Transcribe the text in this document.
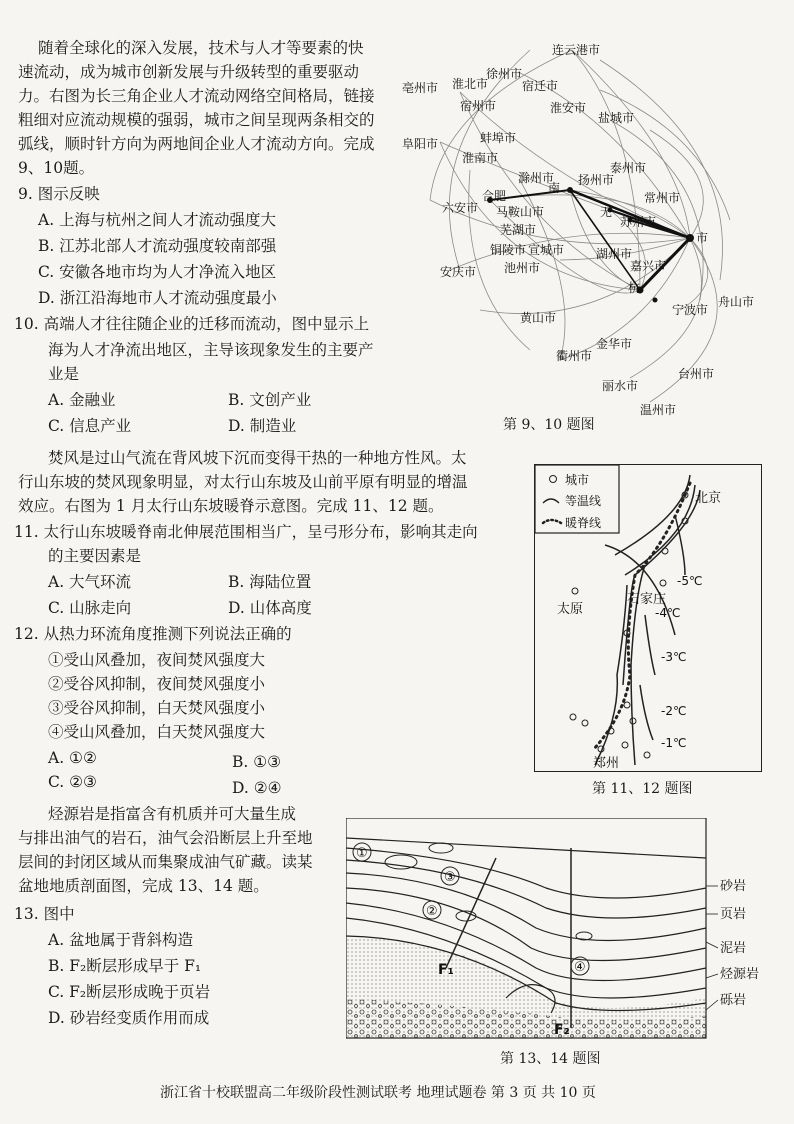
随着全球化的深入发展，技术与人才等要素的快
速流动，成为城市创新发展与升级转型的重要驱动
力。右图为长三角企业人才流动网络空间格局，链接
粗细对应流动规模的强弱，城市之间呈现两条相交的
弧线，顺时针方向为两地间企业人才流动方向。完成
9、10题。
9. 图示反映
A. 上海与杭州之间人才流动强度大
B. 江苏北部人才流动强度较南部强
C. 安徽各地市均为人才净流入地区
D. 浙江沿海地市人才流动强度最小
10. 高端人才往往随企业的迁移而流动，图中显示上
海为人才净流出地区，主导该现象发生的主要产
业是
A. 金融业	B. 文创产业
C. 信息产业	D. 制造业
连云港市
徐州市
淮北市	宿迁市
亳州市
宿州市	淮安市
盐城市
阜阳市	蚌埠市
淮南市
泰州市
六安市
合肥
南
滁州市 扬州市
马鞍山市
常州市
芜湖市
无
苏州市
市
铜陵市 宣城市	湖州市
安庆市 池州市
杭
嘉兴市
黄山市
舟山市
宁波市
衢州市
金华市
台州市
丽水市
温州市
第 9、10 题图
焚风是过山气流在背风坡下沉而变得干热的一种地方性风。太
行山东坡的焚风现象明显，对太行山东坡及山前平原有明显的增温
效应。右图为 1 月太行山东坡暖脊示意图。完成 11、12 题。
11. 太行山东坡暖脊南北伸展范围相当广，呈弓形分布，影响其走向
的主要因素是
A. 大气环流	B. 海陆位置
C. 山脉走向	D. 山体高度
12. 从热力环流角度推测下列说法正确的
①受山风叠加，夜间焚风强度大
②受谷风抑制，夜间焚风强度小
③受谷风抑制，白天焚风强度小
④受山风叠加，白天焚风强度大
A. ①②	B. ①③
C. ②③	D. ②④
城市
等温线
暖脊线
北京
石家庄
太原
郑州
-5℃
-4℃
-3℃
-2℃
-1℃
第 11、12 题图
烃源岩是指富含有机质并可大量生成
与排出油气的岩石，油气会沿断层上升至地
层间的封闭区域从而集聚成油气矿藏。读某
盆地地质剖面图，完成 13、14 题。
13. 图中
A. 盆地属于背斜构造
B. F₂断层形成早于 F₁
C. F₂断层形成晚于页岩
D. 砂岩经变质作用而成
①
②
③
④
F₁
F₂
砂岩
页岩
泥岩
烃源岩
砾岩
第 13、14 题图
浙江省十校联盟高二年级阶段性测试联考 地理试题卷 第 3 页 共 10 页
